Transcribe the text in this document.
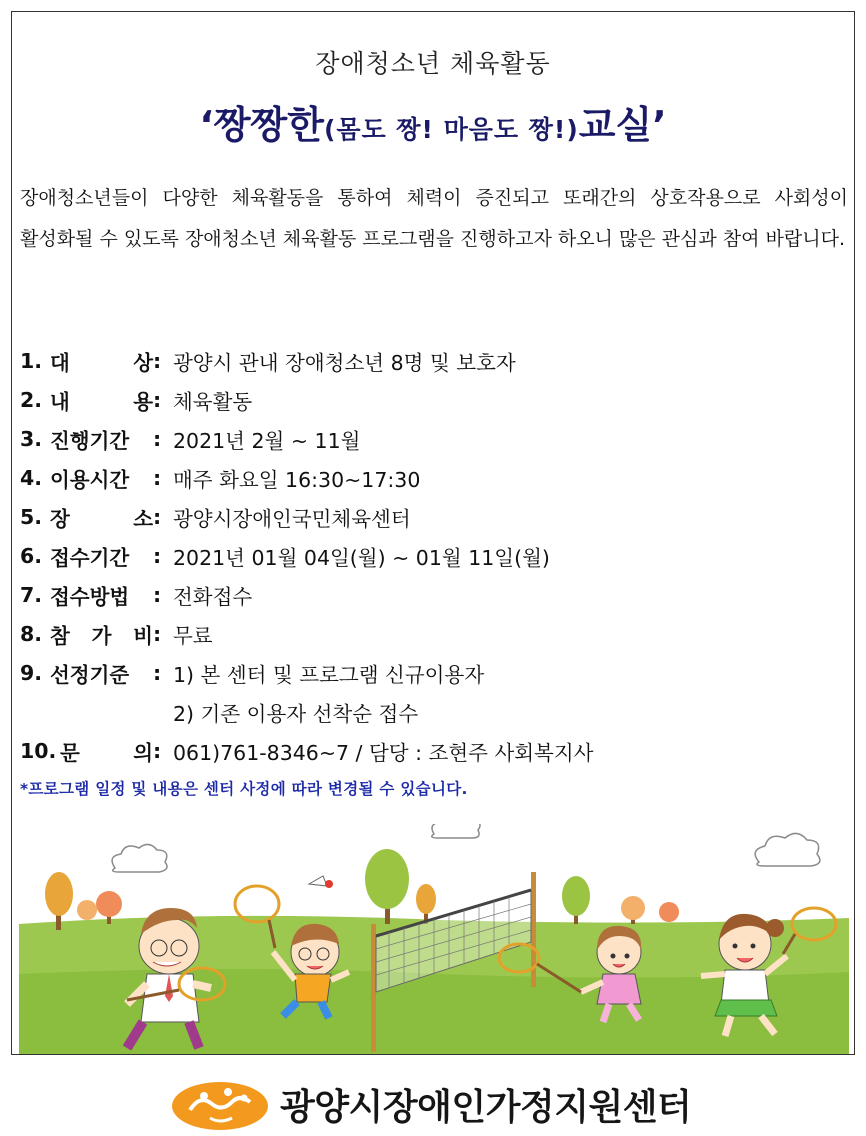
장애청소년 체육활동
‘짱짱한(몸도 짱! 마음도 짱!)교실’
장애청소년들이 다양한 체육활동을 통하여 체력이 증진되고 또래간의 상호작용으로 사회성이 활성화될 수 있도록 장애청소년 체육활동 프로그램을 진행하고자 하오니 많은 관심과 참여 바랍니다.
1. 대	상 : 광양시 관내 장애청소년 8명 및 보호자
2. 내	용 : 체육활동
3. 진행기간 : 2021년 2월 ~ 11월
4. 이용시간 : 매주 화요일 16:30~17:30
5. 장	소 : 광양시장애인국민체육센터
6. 접수기간 : 2021년 01월 04일(월) ~ 01월 11일(월)
7. 접수방법 : 전화접수
8. 참 가 비 : 무료
9. 선정기준 : 1) 본 센터 및 프로그램 신규이용자
2) 기존 이용자 선착순 접수
10. 문	의 : 061)761-8346~7 / 담당 : 조현주 사회복지사
*프로그램 일정 및 내용은 센터 사정에 따라 변경될 수 있습니다.
광양시장애인가정지원센터
